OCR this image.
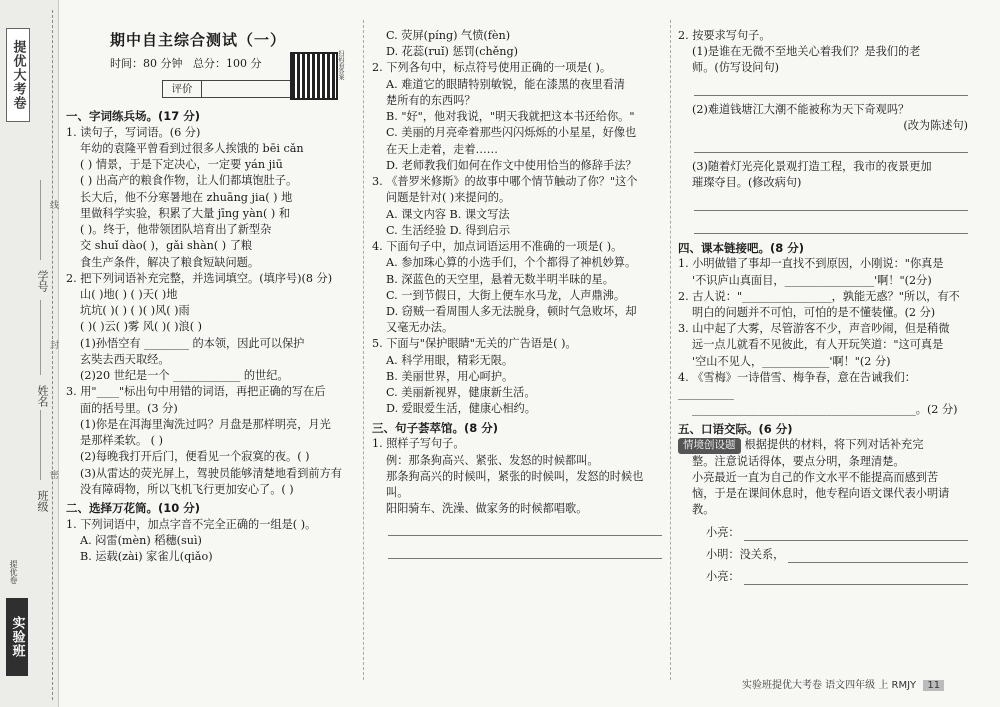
提优大考卷
学号
姓名
班级
线
封
密
提优卷
实验班
期中自主综合测试（一）
时间：80 分钟 总分：100 分
评价
扫码看答案
一、字词练兵场。(17 分)
1. 读句子，写词语。(6 分)
年幼的袁隆平曾看到过很多人挨饿的 bēi cǎn
( ) 情景，于是下定决心，一定要 yán jiū
( ) 出高产的粮食作物，让人们都填饱肚子。
长大后，他不分寒暑地在 zhuāng jia( ) 地
里做科学实验，积累了大量 jīng yàn( ) 和
( )。终于，他带领团队培育出了新型杂
交 shuǐ dào( )，gǎi shàn( ) 了粮
食生产条件，解决了粮食短缺问题。
2. 把下列词语补充完整，并选词填空。(填序号)(8 分)
山( )地( ) ( )天( )地
坑坑( )( ) ( )( )风( )雨
( )( )云( )雾 风( )( )浪( )
(1)孙悟空有 ________ 的本领，因此可以保护
玄奘去西天取经。
(2)20 世纪是一个 ____________ 的世纪。
3. 用"____"标出句中用错的词语，再把正确的写在后
面的括号里。(3 分)
(1)你是在洱海里淘洗过吗？月盘是那样明亮，月光
是那样柔软。 ( )
(2)每晚我打开后门，便看见一个寂寞的夜。( )
(3)从雷达的荧光屏上，驾驶员能够清楚地看到前方有
没有障碍物，所以飞机飞行更加安心了。( )
二、选择万花筒。(10 分)
1. 下列词语中，加点字音不完全正确的一组是( )。
A. 闷雷(mèn) 稻穗(suì)
B. 运载(zài) 家雀儿(qiǎo)
C. 荧屏(píng) 气愤(fèn)
D. 花蕊(ruǐ) 惩罚(chěng)
2. 下列各句中，标点符号使用正确的一项是( )。
A. 难道它的眼睛特别敏锐，能在漆黑的夜里看清
楚所有的东西吗？
B. "好"，他对我说，"明天我就把这本书还给你。"
C. 美丽的月亮牵着那些闪闪烁烁的小星星，好像也
在天上走着，走着……
D. 老师教我们如何在作文中使用恰当的修辞手法？
3. 《普罗米修斯》的故事中哪个情节触动了你？"这个
问题是针对( )来提问的。
A. 课文内容 B. 课文写法
C. 生活经验 D. 得到启示
4. 下面句子中，加点词语运用不准确的一项是( )。
A. 参加珠心算的小选手们，个个都得了神机妙算。
B. 深蓝色的天空里，悬着无数半明半昧的星。
C. 一到节假日，大街上便车水马龙，人声鼎沸。
D. 窃贼一看周围人多无法脱身，顿时气急败坏，却
又毫无办法。
5. 下面与"保护眼睛"无关的广告语是( )。
A. 科学用眼，精彩无限。
B. 美丽世界，用心呵护。
C. 美丽新视界，健康新生活。
D. 爱眼爱生活，健康心相约。
三、句子荟萃馆。(8 分)
1. 照样子写句子。
例：那条狗高兴、紧张、发怒的时候都叫。
那条狗高兴的时候叫，紧张的时候叫，发怒的时候也叫。
阳阳骑车、洗澡、做家务的时候都唱歌。
2. 按要求写句子。
(1)是谁在无微不至地关心着我们？是我们的老
师。(仿写设问句)
(2)难道钱塘江大潮不能被称为天下奇观吗？
(改为陈述句)
(3)随着灯光亮化景观打造工程，我市的夜景更加
璀璨夺目。(修改病句)
四、课本链接吧。(8 分)
1. 小明做错了事却一直找不到原因，小刚说："你真是
'不识庐山真面目，________________'啊！"(2分)
2. 古人说："________________，孰能无惑？"所以，有不
明白的问题并不可怕，可怕的是不懂装懂。(2 分)
3. 山中起了大雾，尽管游客不少，声音吵闹，但是稍微
远一点儿就看不见彼此，有人开玩笑道："这可真是
'空山不见人，____________'啊！"(2 分)
4. 《雪梅》一诗借雪、梅争春，意在告诫我们：__________
________________________________________。(2 分)
五、口语交际。(6 分)
情境创设题 根据提供的材料，将下列对话补充完
整。注意说话得体，要点分明，条理清楚。
小亮最近一直为自己的作文水平不能提高而感到苦
恼，于是在课间休息时，他专程向语文课代表小明请教。
小亮：
小明：没关系，
小亮：
实验班提优大考卷 语文四年级 上 RMJY 11
